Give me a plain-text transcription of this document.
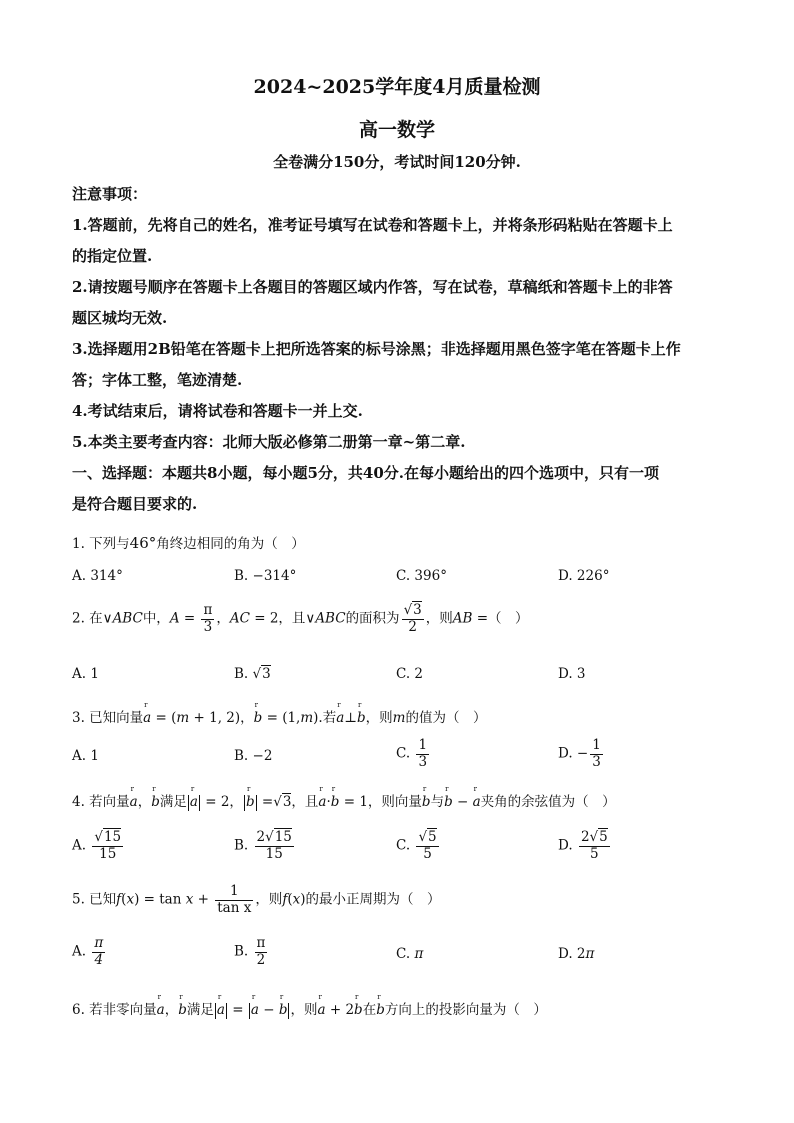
2024~2025学年度4月质量检测
高一数学
全卷满分150分，考试时间120分钟.
注意事项：
1.答题前，先将自己的姓名，准考证号填写在试卷和答题卡上，并将条形码粘贴在答题卡上
的指定位置.
2.请按题号顺序在答题卡上各题目的答题区域内作答，写在试卷，草稿纸和答题卡上的非答
题区城均无效.
3.选择题用2B铅笔在答题卡上把所选答案的标号涂黑；非选择题用黑色签字笔在答题卡上作
答；字体工整，笔迹清楚.
4.考试结束后，请将试卷和答题卡一并上交.
5.本类主要考查内容：北师大版必修第二册第一章~第二章.
一、选择题：本题共8小题，每小题5分，共40分.在每小题给出的四个选项中，只有一项
是符合题目要求的.
1. 下列与46°角终边相同的角为（　）
A. 314°	B. −314°	C. 396°	D. 226°
2. 在∨ABC中，$A = \frac{\pi}{3}$ ，AC = 2，且∨ABC的面积为 $\frac{√3}{2}$ ，则AB =（　）
A. 1	B. √3	C. 2	D. 3
3. 已知向量r a = (m + 1, 2)，r b = (1,m).若r a⊥r b，则m的值为（　）
A. 1	B. −2	C. $\frac{1}{3}$	D. − $\frac{1}{3}$
4. 若向量r a，r b满足 r a = 2， r b =√3，且r a·r b = 1，则向量r b与r b − r a夹角的余弦值为（　）
A. $\frac{√15}{15}$	B. $\frac{2√15}{15}$	C. $\frac{√5}{5}$	D. $\frac{2√5}{5}$
5. 已知$f(x) = \tan x + \frac{1}{\text{tan x}}$ ，则f(x)的最小正周期为（　）
A. $\frac{\pi}{4}$	B. $\frac{\pi}{2}$	C. π	D. 2π
6. 若非零向量r a，r b满足 r a = r a − r b ，则r a + 2r b在r b方向上的投影向量为（　）
